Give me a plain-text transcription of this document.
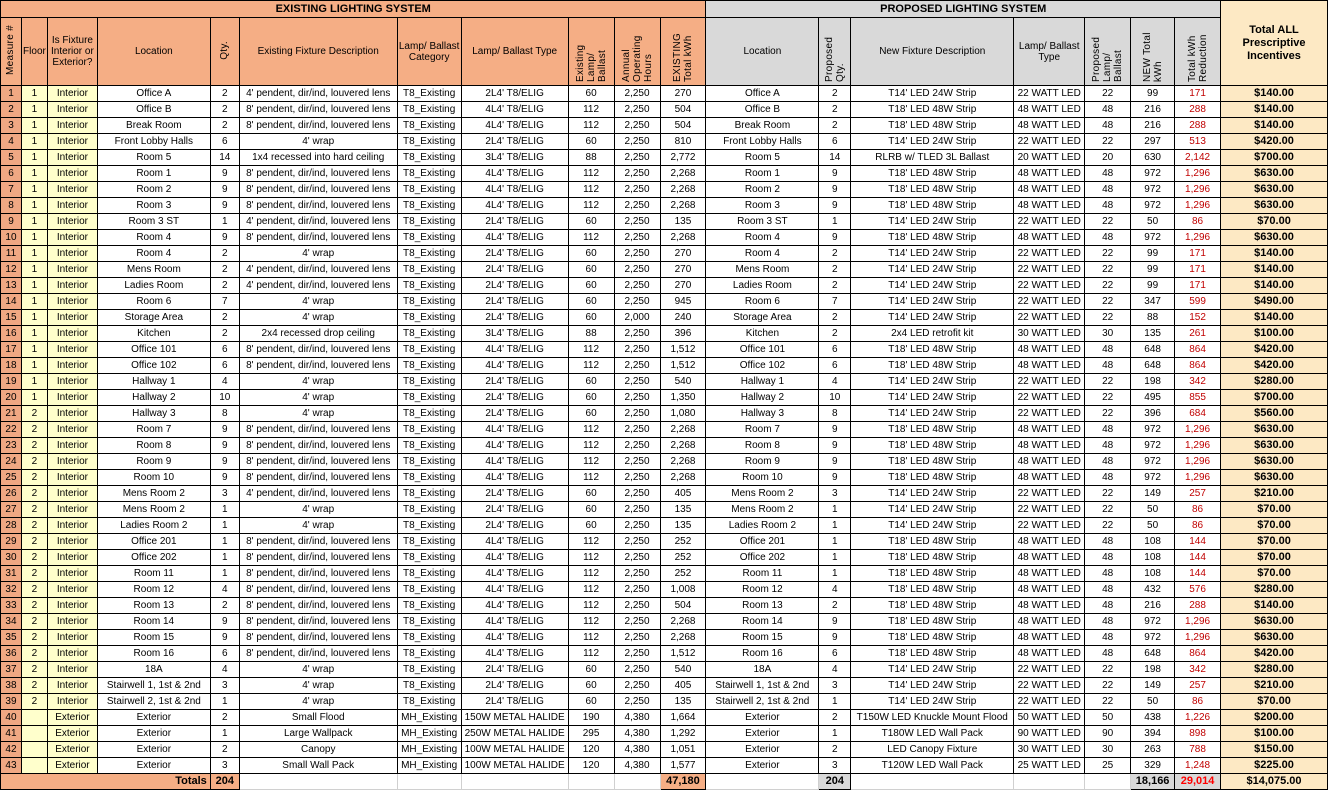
EXISTING LIGHTING SYSTEM											PROPOSED LIGHTING SYSTEM							Total ALL Prescriptive Incentives
Measure #	Floor	Is Fixture Interior or Exterior?	Location	Qty.	Existing Fixture Description	Lamp/ Ballast Category	Lamp/ Ballast Type	Existing Lamp/ Ballast	Annual Operating Hours	EXISTING Total kWh	Location	Proposed Qty.	New Fixture Description	Lamp/ Ballast Type	Proposed Lamp/ Ballast	NEW Total kWh	Total kWh Reduction	
1	1	Interior	Office A	2	4' pendent, dir/ind, louvered lens	T8_Existing	2L4' T8/ELIG	60	2,250	270	Office A	2	T14' LED 24W Strip	22 WATT LED	22	99	171	$140.00
2	1	Interior	Office B	2	8' pendent, dir/ind, louvered lens	T8_Existing	4L4' T8/ELIG	112	2,250	504	Office B	2	T18' LED 48W Strip	48 WATT LED	48	216	288	$140.00
3	1	Interior	Break Room	2	8' pendent, dir/ind, louvered lens	T8_Existing	4L4' T8/ELIG	112	2,250	504	Break Room	2	T18' LED 48W Strip	48 WATT LED	48	216	288	$140.00
4	1	Interior	Front Lobby Halls	6	4' wrap	T8_Existing	2L4' T8/ELIG	60	2,250	810	Front Lobby Halls	6	T14' LED 24W Strip	22 WATT LED	22	297	513	$420.00
5	1	Interior	Room 5	14	1x4 recessed into hard ceiling	T8_Existing	3L4' T8/ELIG	88	2,250	2,772	Room 5	14	RLRB w/ TLED 3L Ballast	20 WATT LED	20	630	2,142	$700.00
6	1	Interior	Room 1	9	8' pendent, dir/ind, louvered lens	T8_Existing	4L4' T8/ELIG	112	2,250	2,268	Room 1	9	T18' LED 48W Strip	48 WATT LED	48	972	1,296	$630.00
7	1	Interior	Room 2	9	8' pendent, dir/ind, louvered lens	T8_Existing	4L4' T8/ELIG	112	2,250	2,268	Room 2	9	T18' LED 48W Strip	48 WATT LED	48	972	1,296	$630.00
8	1	Interior	Room 3	9	8' pendent, dir/ind, louvered lens	T8_Existing	4L4' T8/ELIG	112	2,250	2,268	Room 3	9	T18' LED 48W Strip	48 WATT LED	48	972	1,296	$630.00
9	1	Interior	Room 3 ST	1	4' pendent, dir/ind, louvered lens	T8_Existing	2L4' T8/ELIG	60	2,250	135	Room 3 ST	1	T14' LED 24W Strip	22 WATT LED	22	50	86	$70.00
10	1	Interior	Room 4	9	8' pendent, dir/ind, louvered lens	T8_Existing	4L4' T8/ELIG	112	2,250	2,268	Room 4	9	T18' LED 48W Strip	48 WATT LED	48	972	1,296	$630.00
11	1	Interior	Room 4	2	4' wrap	T8_Existing	2L4' T8/ELIG	60	2,250	270	Room 4	2	T14' LED 24W Strip	22 WATT LED	22	99	171	$140.00
12	1	Interior	Mens Room	2	4' pendent, dir/ind, louvered lens	T8_Existing	2L4' T8/ELIG	60	2,250	270	Mens Room	2	T14' LED 24W Strip	22 WATT LED	22	99	171	$140.00
13	1	Interior	Ladies Room	2	4' pendent, dir/ind, louvered lens	T8_Existing	2L4' T8/ELIG	60	2,250	270	Ladies Room	2	T14' LED 24W Strip	22 WATT LED	22	99	171	$140.00
14	1	Interior	Room 6	7	4' wrap	T8_Existing	2L4' T8/ELIG	60	2,250	945	Room 6	7	T14' LED 24W Strip	22 WATT LED	22	347	599	$490.00
15	1	Interior	Storage Area	2	4' wrap	T8_Existing	2L4' T8/ELIG	60	2,000	240	Storage Area	2	T14' LED 24W Strip	22 WATT LED	22	88	152	$140.00
16	1	Interior	Kitchen	2	2x4 recessed drop ceiling	T8_Existing	3L4' T8/ELIG	88	2,250	396	Kitchen	2	2x4 LED retrofit kit	30 WATT LED	30	135	261	$100.00
17	1	Interior	Office 101	6	8' pendent, dir/ind, louvered lens	T8_Existing	4L4' T8/ELIG	112	2,250	1,512	Office 101	6	T18' LED 48W Strip	48 WATT LED	48	648	864	$420.00
18	1	Interior	Office 102	6	8' pendent, dir/ind, louvered lens	T8_Existing	4L4' T8/ELIG	112	2,250	1,512	Office 102	6	T18' LED 48W Strip	48 WATT LED	48	648	864	$420.00
19	1	Interior	Hallway 1	4	4' wrap	T8_Existing	2L4' T8/ELIG	60	2,250	540	Hallway 1	4	T14' LED 24W Strip	22 WATT LED	22	198	342	$280.00
20	1	Interior	Hallway 2	10	4' wrap	T8_Existing	2L4' T8/ELIG	60	2,250	1,350	Hallway 2	10	T14' LED 24W Strip	22 WATT LED	22	495	855	$700.00
21	2	Interior	Hallway 3	8	4' wrap	T8_Existing	2L4' T8/ELIG	60	2,250	1,080	Hallway 3	8	T14' LED 24W Strip	22 WATT LED	22	396	684	$560.00
22	2	Interior	Room 7	9	8' pendent, dir/ind, louvered lens	T8_Existing	4L4' T8/ELIG	112	2,250	2,268	Room 7	9	T18' LED 48W Strip	48 WATT LED	48	972	1,296	$630.00
23	2	Interior	Room 8	9	8' pendent, dir/ind, louvered lens	T8_Existing	4L4' T8/ELIG	112	2,250	2,268	Room 8	9	T18' LED 48W Strip	48 WATT LED	48	972	1,296	$630.00
24	2	Interior	Room 9	9	8' pendent, dir/ind, louvered lens	T8_Existing	4L4' T8/ELIG	112	2,250	2,268	Room 9	9	T18' LED 48W Strip	48 WATT LED	48	972	1,296	$630.00
25	2	Interior	Room 10	9	8' pendent, dir/ind, louvered lens	T8_Existing	4L4' T8/ELIG	112	2,250	2,268	Room 10	9	T18' LED 48W Strip	48 WATT LED	48	972	1,296	$630.00
26	2	Interior	Mens Room 2	3	4' pendent, dir/ind, louvered lens	T8_Existing	2L4' T8/ELIG	60	2,250	405	Mens Room 2	3	T14' LED 24W Strip	22 WATT LED	22	149	257	$210.00
27	2	Interior	Mens Room 2	1	4' wrap	T8_Existing	2L4' T8/ELIG	60	2,250	135	Mens Room 2	1	T14' LED 24W Strip	22 WATT LED	22	50	86	$70.00
28	2	Interior	Ladies Room 2	1	4' wrap	T8_Existing	2L4' T8/ELIG	60	2,250	135	Ladies Room 2	1	T14' LED 24W Strip	22 WATT LED	22	50	86	$70.00
29	2	Interior	Office 201	1	8' pendent, dir/ind, louvered lens	T8_Existing	4L4' T8/ELIG	112	2,250	252	Office 201	1	T18' LED 48W Strip	48 WATT LED	48	108	144	$70.00
30	2	Interior	Office 202	1	8' pendent, dir/ind, louvered lens	T8_Existing	4L4' T8/ELIG	112	2,250	252	Office 202	1	T18' LED 48W Strip	48 WATT LED	48	108	144	$70.00
31	2	Interior	Room 11	1	8' pendent, dir/ind, louvered lens	T8_Existing	4L4' T8/ELIG	112	2,250	252	Room 11	1	T18' LED 48W Strip	48 WATT LED	48	108	144	$70.00
32	2	Interior	Room 12	4	8' pendent, dir/ind, louvered lens	T8_Existing	4L4' T8/ELIG	112	2,250	1,008	Room 12	4	T18' LED 48W Strip	48 WATT LED	48	432	576	$280.00
33	2	Interior	Room 13	2	8' pendent, dir/ind, louvered lens	T8_Existing	4L4' T8/ELIG	112	2,250	504	Room 13	2	T18' LED 48W Strip	48 WATT LED	48	216	288	$140.00
34	2	Interior	Room 14	9	8' pendent, dir/ind, louvered lens	T8_Existing	4L4' T8/ELIG	112	2,250	2,268	Room 14	9	T18' LED 48W Strip	48 WATT LED	48	972	1,296	$630.00
35	2	Interior	Room 15	9	8' pendent, dir/ind, louvered lens	T8_Existing	4L4' T8/ELIG	112	2,250	2,268	Room 15	9	T18' LED 48W Strip	48 WATT LED	48	972	1,296	$630.00
36	2	Interior	Room 16	6	8' pendent, dir/ind, louvered lens	T8_Existing	4L4' T8/ELIG	112	2,250	1,512	Room 16	6	T18' LED 48W Strip	48 WATT LED	48	648	864	$420.00
37	2	Interior	18A	4	4' wrap	T8_Existing	2L4' T8/ELIG	60	2,250	540	18A	4	T14' LED 24W Strip	22 WATT LED	22	198	342	$280.00
38	2	Interior	Stairwell 1, 1st & 2nd	3	4' wrap	T8_Existing	2L4' T8/ELIG	60	2,250	405	Stairwell 1, 1st & 2nd	3	T14' LED 24W Strip	22 WATT LED	22	149	257	$210.00
39	2	Interior	Stairwell 2, 1st & 2nd	1	4' wrap	T8_Existing	2L4' T8/ELIG	60	2,250	135	Stairwell 2, 1st & 2nd	1	T14' LED 24W Strip	22 WATT LED	22	50	86	$70.00
40		Exterior	Exterior	2	Small Flood	MH_Existing	150W METAL HALIDE	190	4,380	1,664	Exterior	2	T150W LED Knuckle Mount Flood	50 WATT LED	50	438	1,226	$200.00
41		Exterior	Exterior	1	Large Wallpack	MH_Existing	250W METAL HALIDE	295	4,380	1,292	Exterior	1	T180W LED Wall Pack	90 WATT LED	90	394	898	$100.00
42		Exterior	Exterior	2	Canopy	MH_Existing	100W METAL HALIDE	120	4,380	1,051	Exterior	2	LED Canopy Fixture	30 WATT LED	30	263	788	$150.00
43		Exterior	Exterior	3	Small Wall Pack	MH_Existing	100W METAL HALIDE	120	4,380	1,577	Exterior	3	T120W LED Wall Pack	25 WATT LED	25	329	1,248	$225.00
Totals				204						47,180		204				18,166	29,014	$14,075.00
